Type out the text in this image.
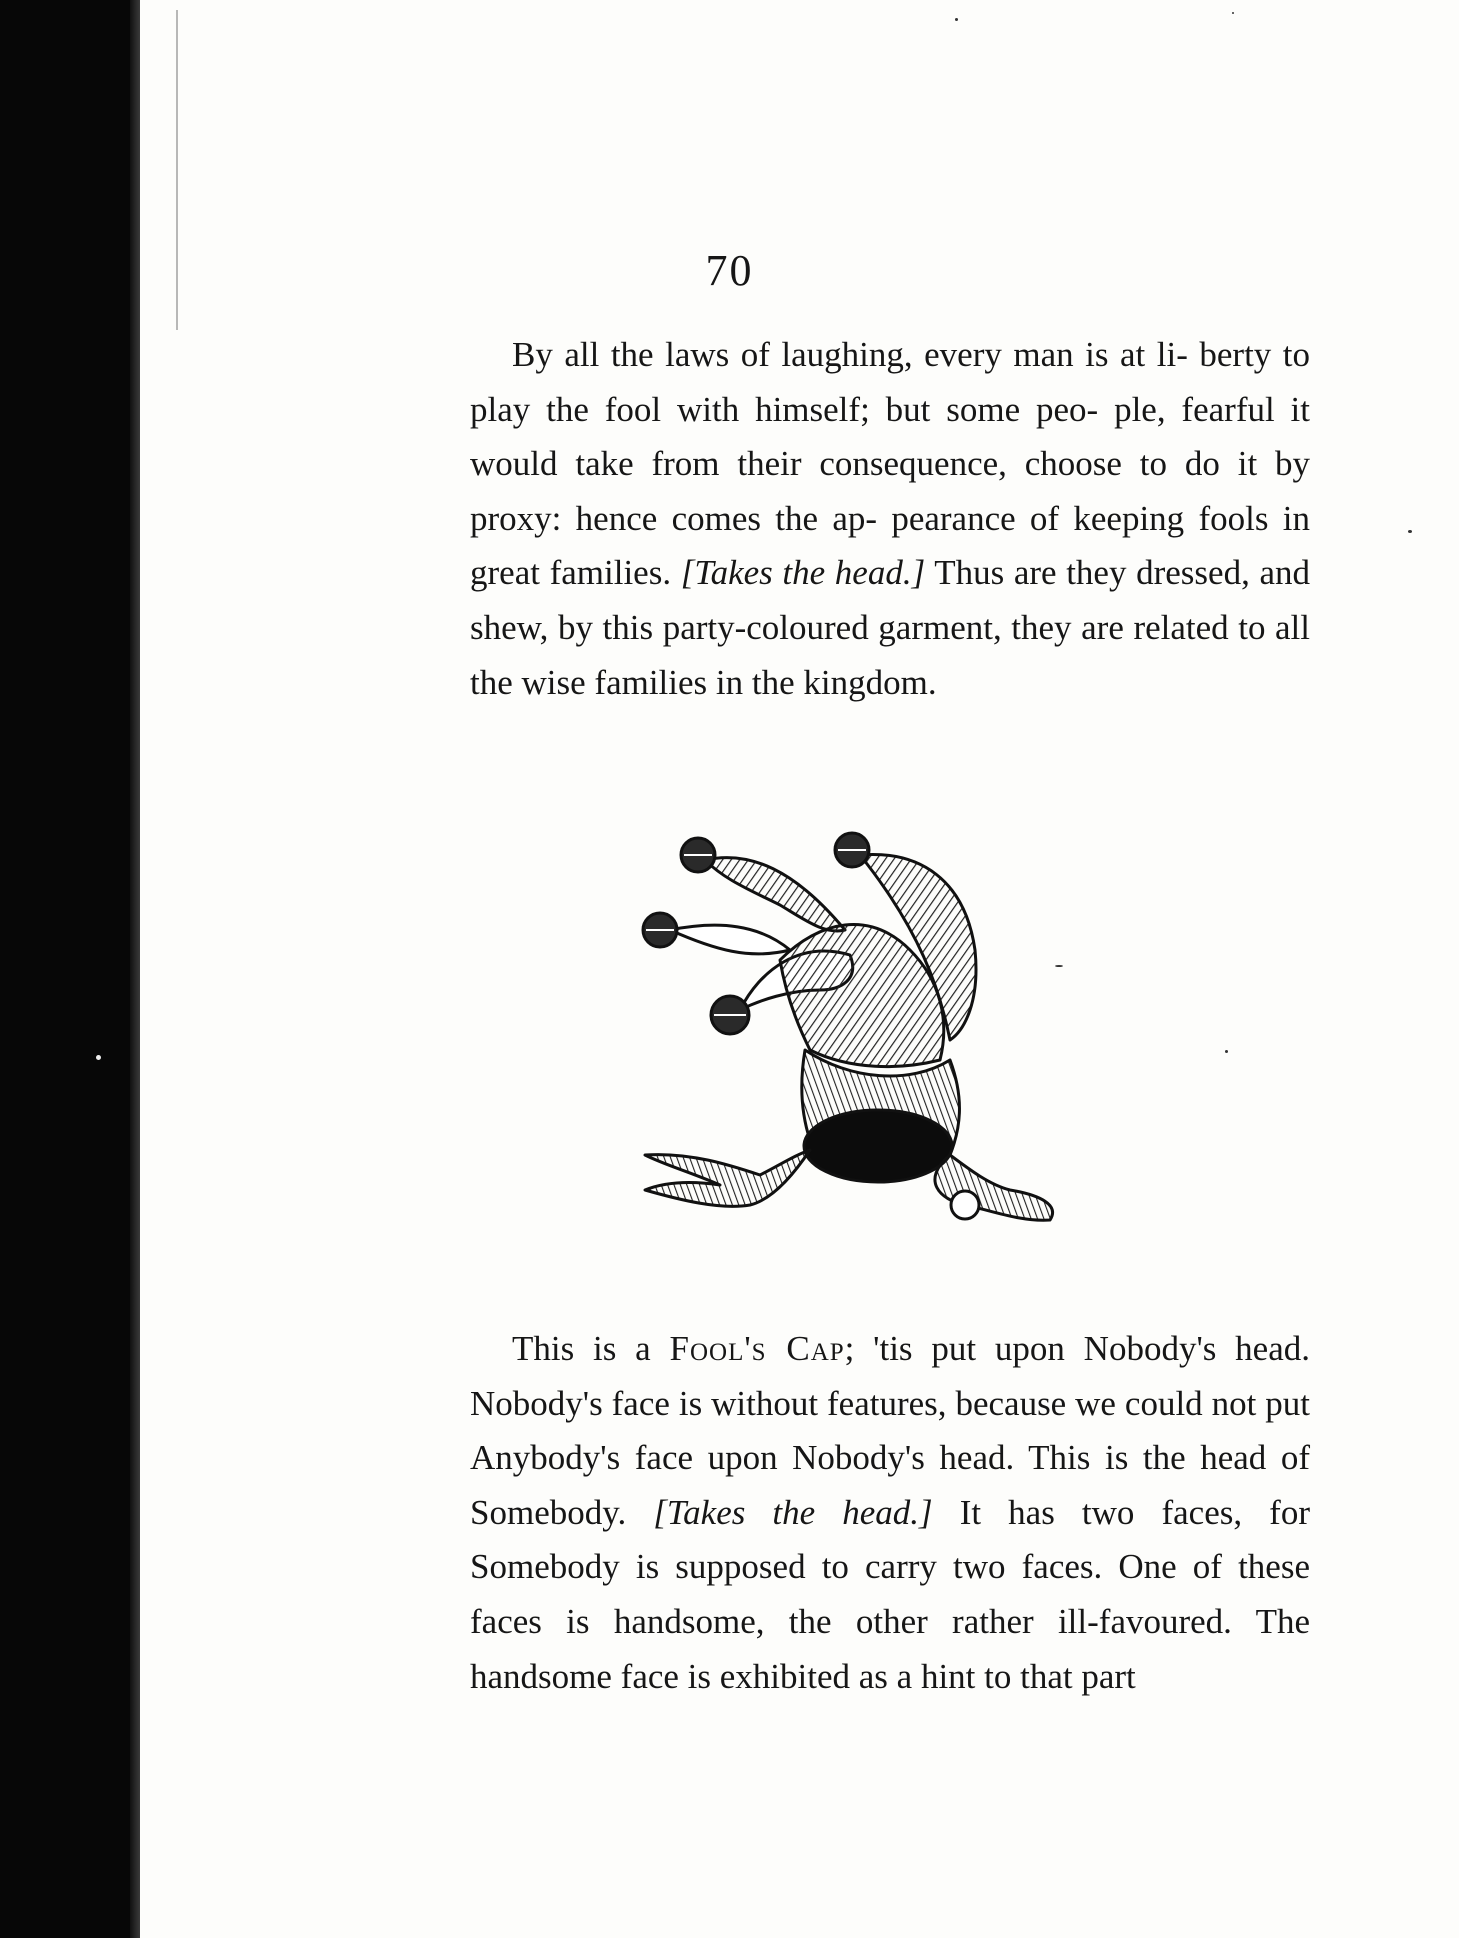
70

By all the laws of laughing, every man is at li- berty to play the fool with himself; but some peo- ple, fearful it would take from their consequence, choose to do it by proxy: hence comes the ap- pearance of keeping fools in great families. [Takes the head.] Thus are they dressed, and shew, by this party-coloured garment, they are related to all the wise families in the kingdom.

This is a Fool's Cap; 'tis put upon Nobody's head. Nobody's face is without features, because we could not put Anybody's face upon Nobody's head. This is the head of Somebody. [Takes the head.] It has two faces, for Somebody is supposed to carry two faces. One of these faces is handsome, the other rather ill-favoured. The handsome face is exhibited as a hint to that part
